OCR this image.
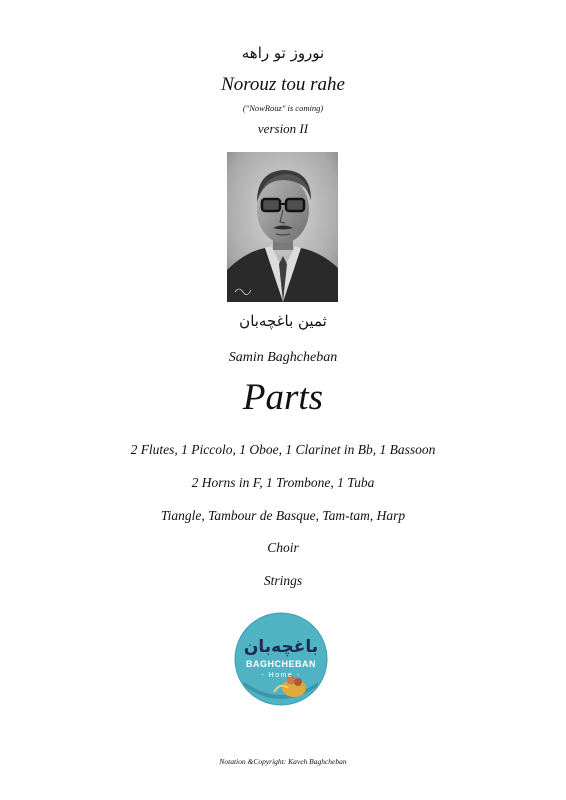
نوروز تو راهه
Norouz tou rahe
("NowRouz" is coming)
version II
ثمین باغچه‌بان
Samin Baghcheban
Parts
2 Flutes, 1 Piccolo, 1 Oboe, 1 Clarinet in Bb, 1 Bassoon
2 Horns in F, 1 Trombone, 1 Tuba
Tiangle, Tambour de Basque, Tam-tam, Harp
Choir
Strings
باغچه‌بان
BAGHCHEBAN
- Home -
Notation &Copyright: Kaveh Baghcheban
